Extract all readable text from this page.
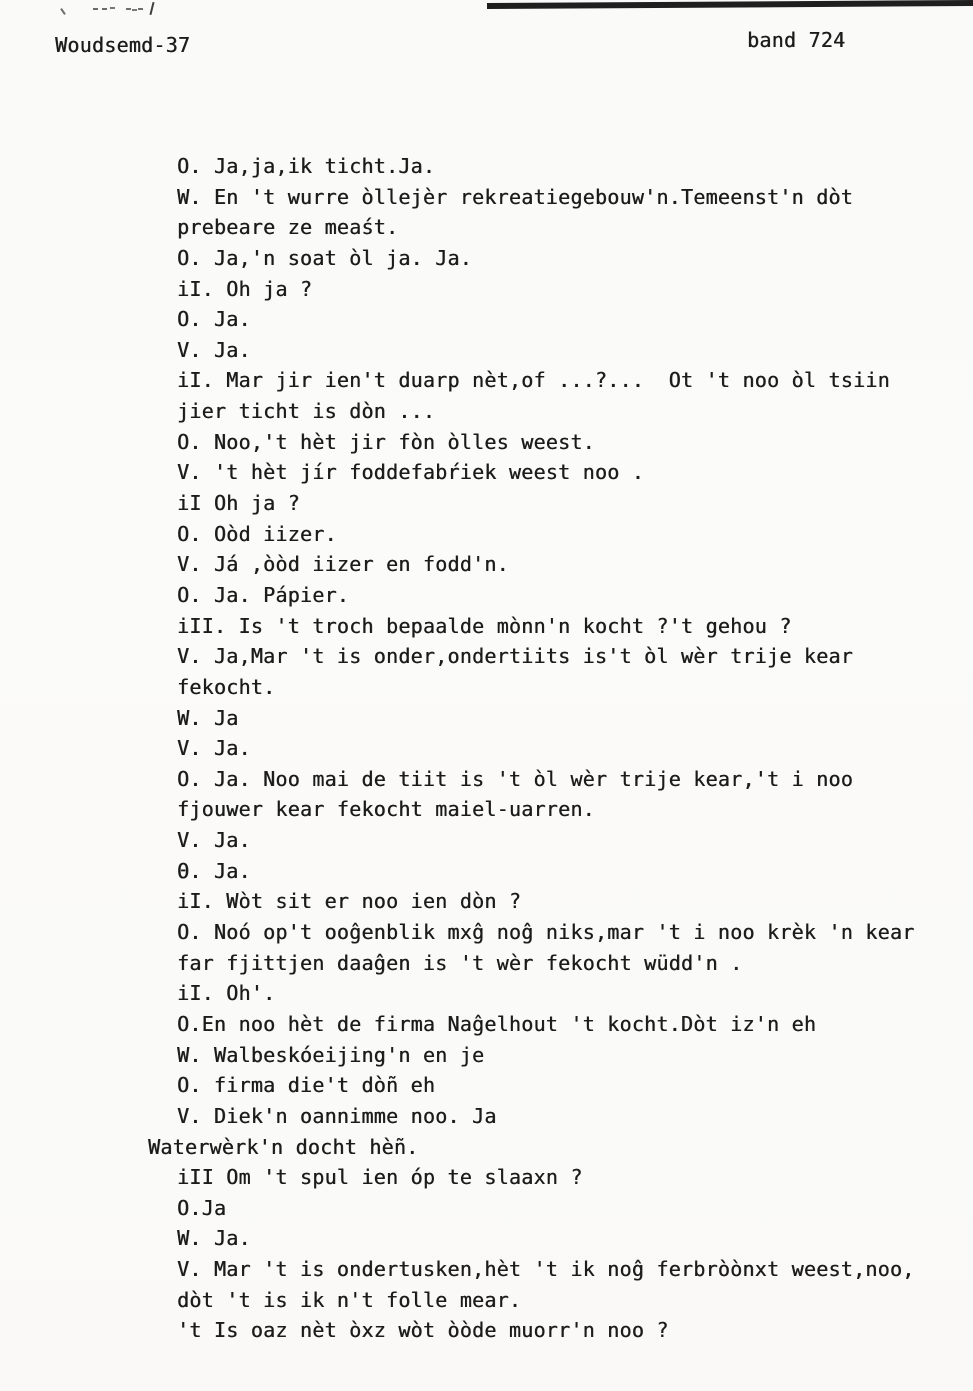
Woudsemd-37	band 724
O. Ja,ja,ik ticht.Ja.
W. En 't wurre òllejèr rekreatiegebouw'n.Temeenst'n dòt
prebeare ze meaśt.
O. Ja,'n soat òl ja. Ja.
iI. Oh ja ?
O. Ja.
V. Ja.
iI. Mar jir ien't duarp nèt,of ...?...  Ot 't noo òl tsiin
jier ticht is dòn ...
O. Noo,'t hèt jir fòn òlles weest.
V. 't hèt jír foddefabŕiek weest noo .
iI Oh ja ?
O. Oòd iizer.
V. Já ,òòd iizer en fodd'n.
O. Ja. Pápier.
iII. Is 't troch bepaalde mònn'n kocht ?'t gehou ?
V. Ja,Mar 't is onder,ondertiits is't òl wèr trije kear
fekocht.
W. Ja
V. Ja.
O. Ja. Noo mai de tiit is 't òl wèr trije kear,'t i noo
fjouwer kear fekocht maiel-uarren.
V. Ja.
Θ. Ja.
iI. Wòt sit er noo ien dòn ?
O. Noó op't ooĝenblik mxĝ noĝ niks,mar 't i noo krèk 'n kear
far fjittjen daaĝen is 't wèr fekocht wüdd'n .
iI. Oh'.
O.En noo hèt de firma Naĝelhout 't kocht.Dòt iz'n eh
W. Walbeskóeijing'n en je
O. firma die't dòñ eh
V. Diek'n oannimme noo. Ja
Waterwèrk'n docht hèñ.
iII Om 't spul ien óp te slaaxn ?
O.Ja
W. Ja.
V. Mar 't is ondertusken,hèt 't ik noĝ ferbròònxt weest,noo,
dòt 't is ik n't folle mear.
't Is oaz nèt òxz wòt òòde muorr'n noo ?
